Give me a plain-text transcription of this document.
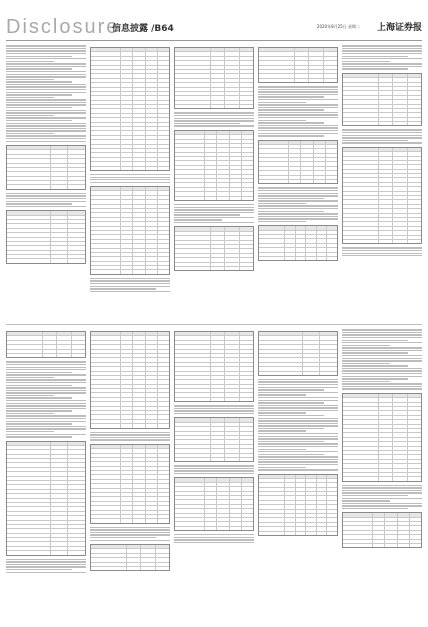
Disclosure
信息披露 /B64	2020年8月25日 星期二 上海证券报
